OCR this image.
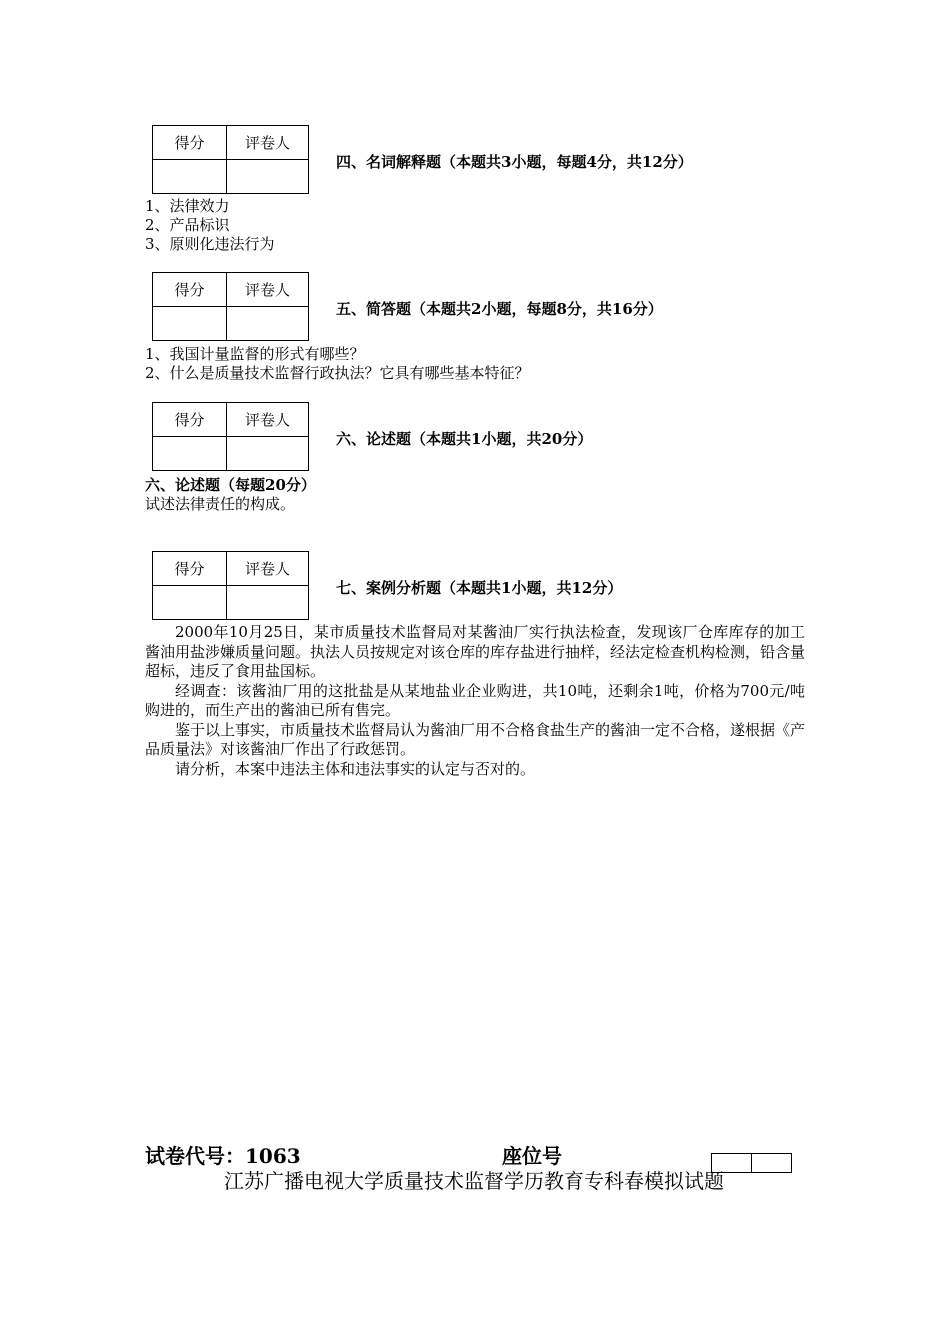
得分	评卷人

四、名词解释题（本题共3小题，每题4分，共12分）
1、法律效力
2、产品标识
3、原则化违法行为
得分	评卷人

五、简答题（本题共2小题，每题8分，共16分）
1、我国计量监督的形式有哪些？
2、什么是质量技术监督行政执法？它具有哪些基本特征？
得分	评卷人

六、论述题（本题共1小题，共20分）
六、论述题（每题20分）
试述法律责任的构成。
得分	评卷人

七、案例分析题（本题共1小题，共12分）

2000年10月25日，某市质量技术监督局对某酱油厂实行执法检查，发现该厂仓库库存的加工酱油用盐涉嫌质量问题。执法人员按规定对该仓库的库存盐进行抽样，经法定检查机构检测，铅含量超标，违反了食用盐国标。

经调查：该酱油厂用的这批盐是从某地盐业企业购进，共10吨，还剩余1吨，价格为700元/吨购进的，而生产出的酱油已所有售完。

鉴于以上事实，市质量技术监督局认为酱油厂用不合格食盐生产的酱油一定不合格，遂根据《产品质量法》对该酱油厂作出了行政惩罚。

请分析，本案中违法主体和违法事实的认定与否对的。

试卷代号：1063	座位号
江苏广播电视大学质量技术监督学历教育专科春模拟试题
